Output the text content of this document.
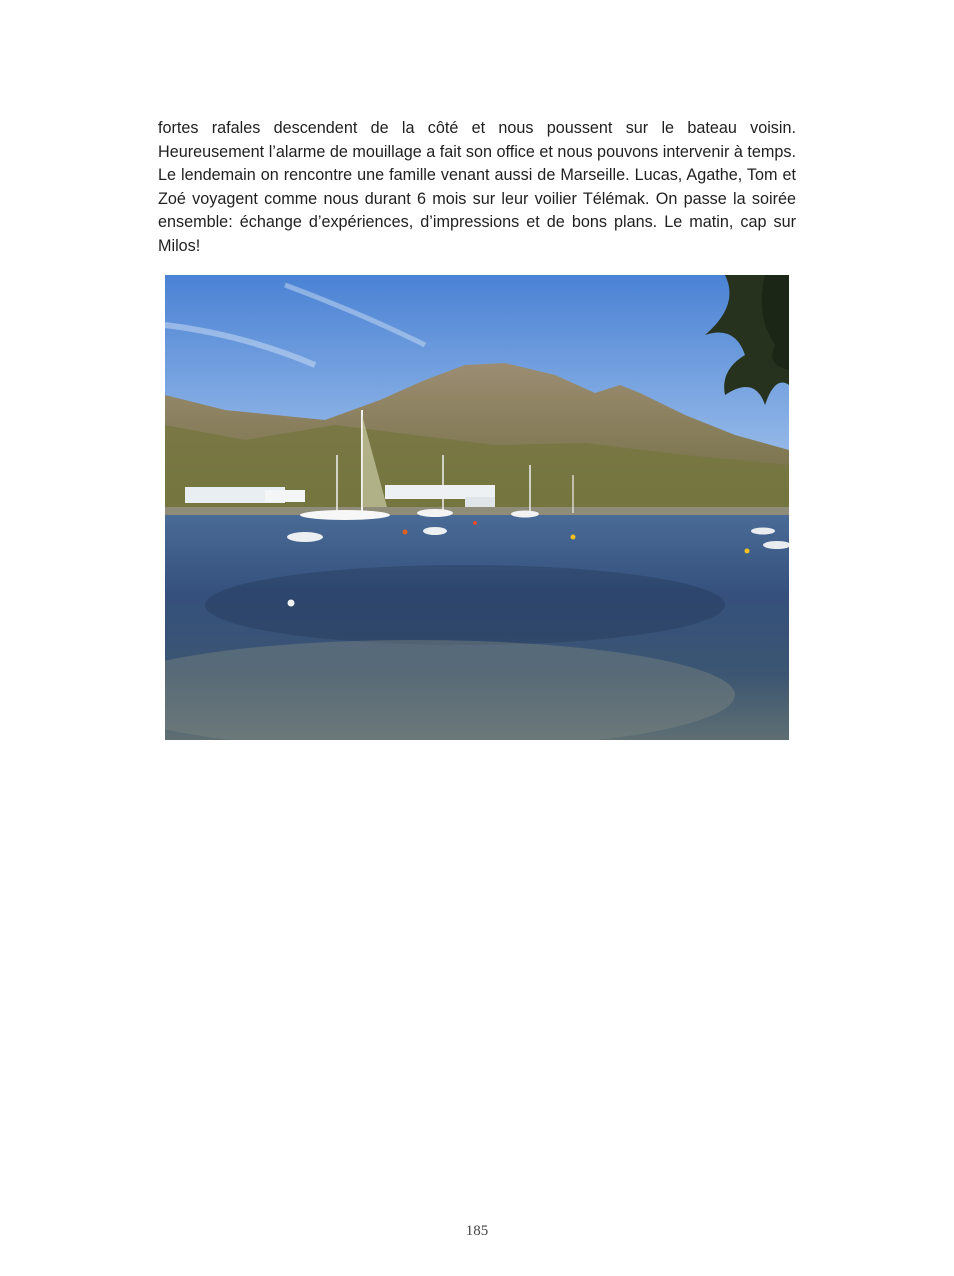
fortes rafales descendent de la côté et nous poussent sur le bateau voisin. Heureusement l’alarme de mouillage a fait son office et nous pouvons intervenir à temps. Le lendemain on rencontre une famille venant aussi de Marseille. Lucas, Agathe, Tom et Zoé voyagent comme nous durant 6 mois sur leur voilier Télémak. On passe la soirée ensemble: échange d’expériences, d’impressions et de bons plans. Le matin, cap sur Milos!

185
